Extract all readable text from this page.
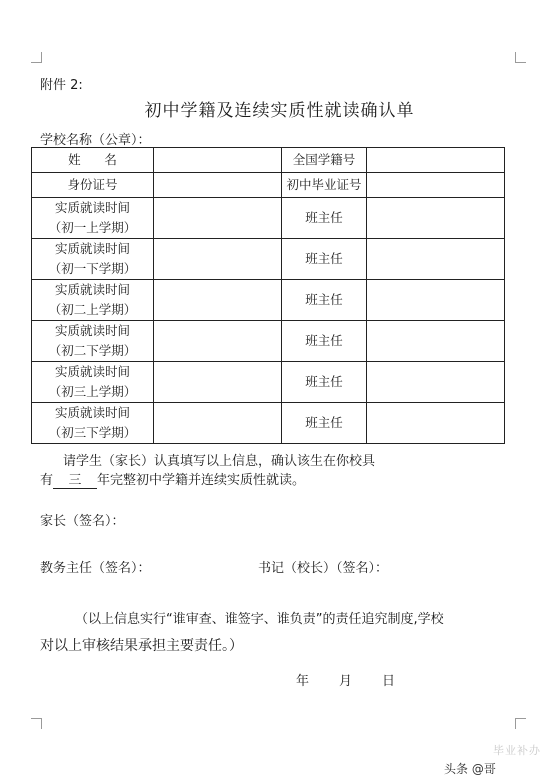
附件 2:
初中学籍及连续实质性就读确认单
学校名称（公章）：
姓      名		全国学籍号	
身份证号		初中毕业证号	

实质就读时间
（初一上学期）		班主任	

实质就读时间
（初一下学期）		班主任	

实质就读时间
（初二上学期）		班主任	

实质就读时间
（初二下学期）		班主任	

实质就读时间
（初三上学期）		班主任	

实质就读时间
（初三下学期）		班主任	
请学生（家长）认真填写以上信息，确认该生在你校具
有 三 年完整初中学籍并连续实质性就读。
家长（签名）：
教务主任（签名）：	书记（校长）（签名）：
（以上信息实行“谁审查、谁签字、谁负责”的责任追究制度,学校
对以上审核结果承担主要责任。）
年 月 日
毕业补办
头条 @哥
